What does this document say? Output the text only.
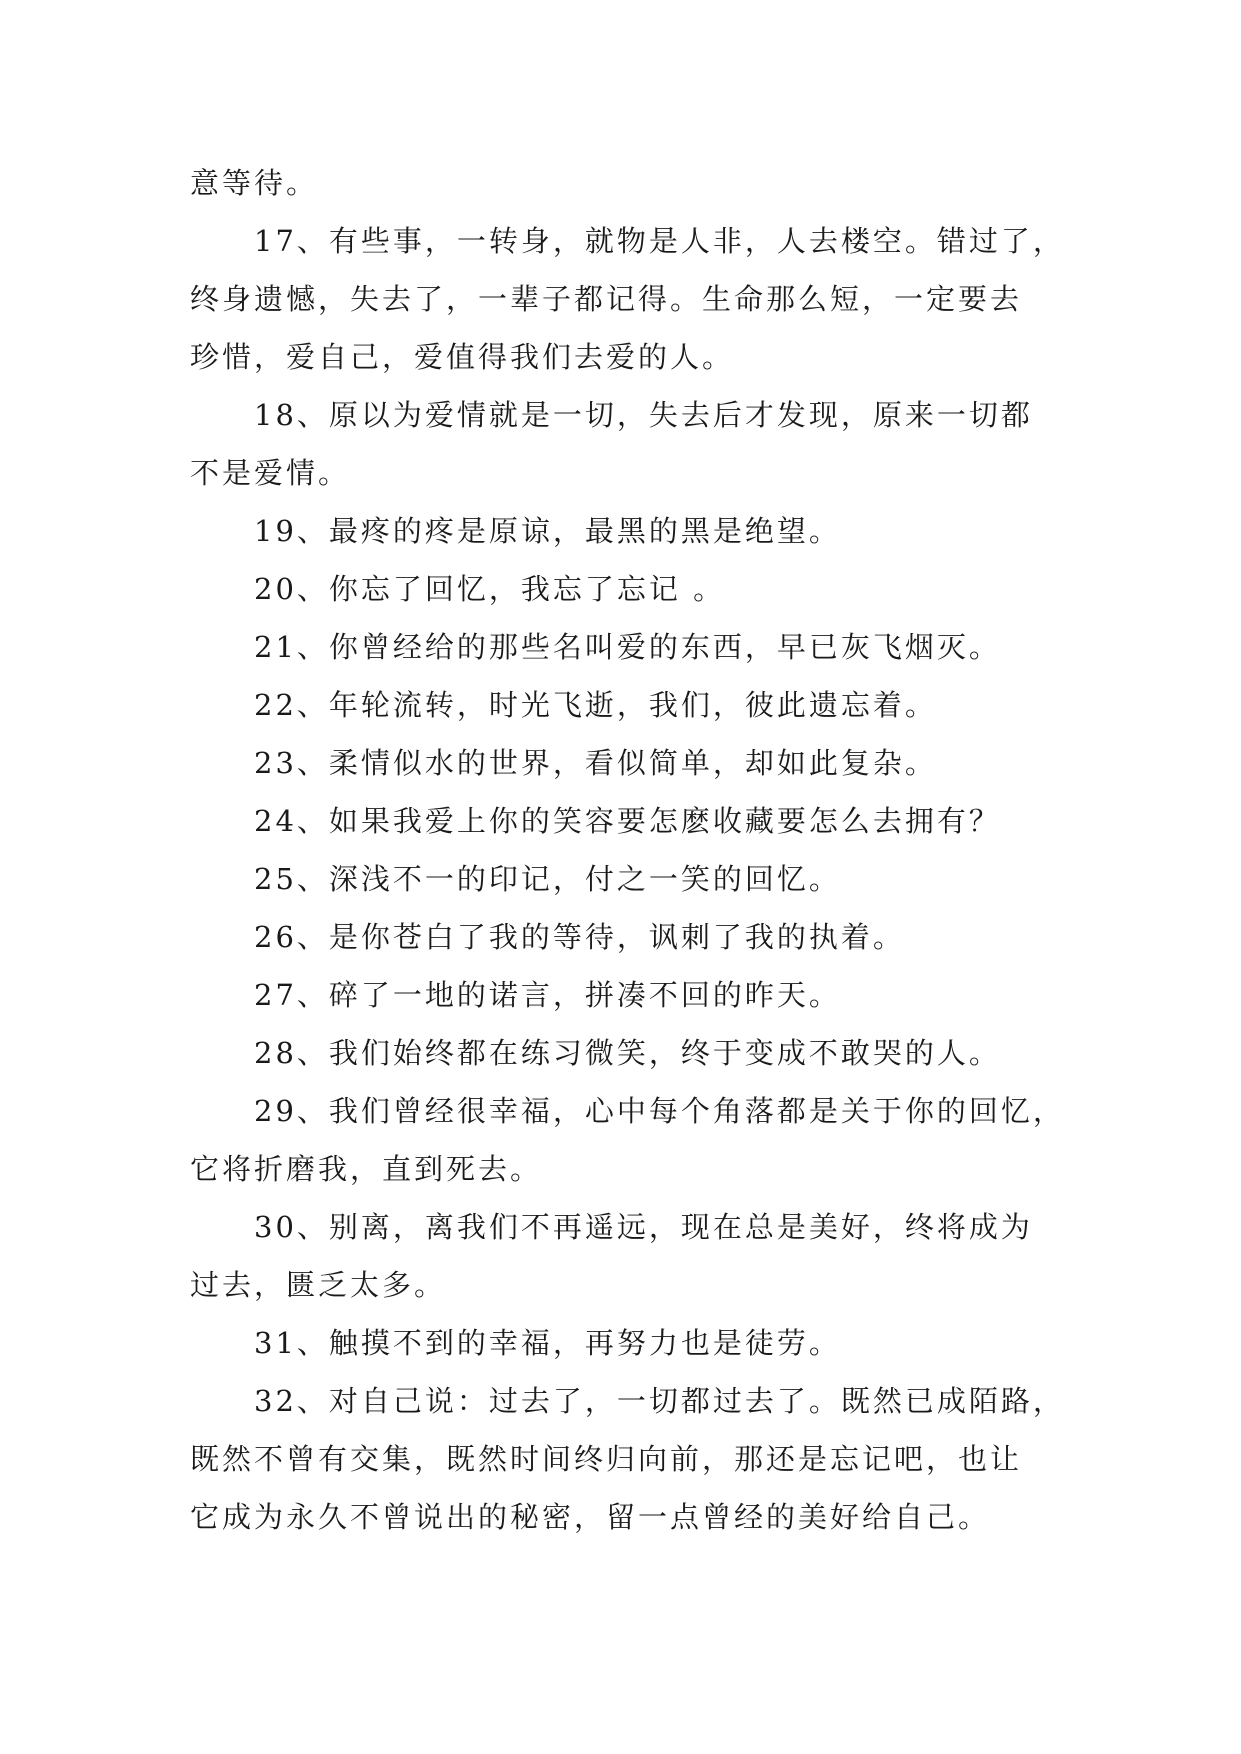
意等待。
17、有些事，一转身，就物是人非，人去楼空。错过了，
终身遗憾，失去了，一辈子都记得。生命那么短，一定要去
珍惜，爱自己，爱值得我们去爱的人。
18、原以为爱情就是一切，失去后才发现，原来一切都
不是爱情。
19、最疼的疼是原谅，最黑的黑是绝望。
20、你忘了回忆，我忘了忘记 。
21、你曾经给的那些名叫爱的东西，早已灰飞烟灭。
22、年轮流转，时光飞逝，我们，彼此遗忘着。
23、柔情似水的世界，看似简单，却如此复杂。
24、如果我爱上你的笑容要怎麽收藏要怎么去拥有？
25、深浅不一的印记，付之一笑的回忆。
26、是你苍白了我的等待，讽刺了我的执着。
27、碎了一地的诺言，拼凑不回的昨天。
28、我们始终都在练习微笑，终于变成不敢哭的人。
29、我们曾经很幸福，心中每个角落都是关于你的回忆，
它将折磨我，直到死去。
30、别离，离我们不再遥远，现在总是美好，终将成为
过去，匮乏太多。
31、触摸不到的幸福，再努力也是徒劳。
32、对自己说：过去了，一切都过去了。既然已成陌路，
既然不曾有交集，既然时间终归向前，那还是忘记吧，也让
它成为永久不曾说出的秘密，留一点曾经的美好给自己。
